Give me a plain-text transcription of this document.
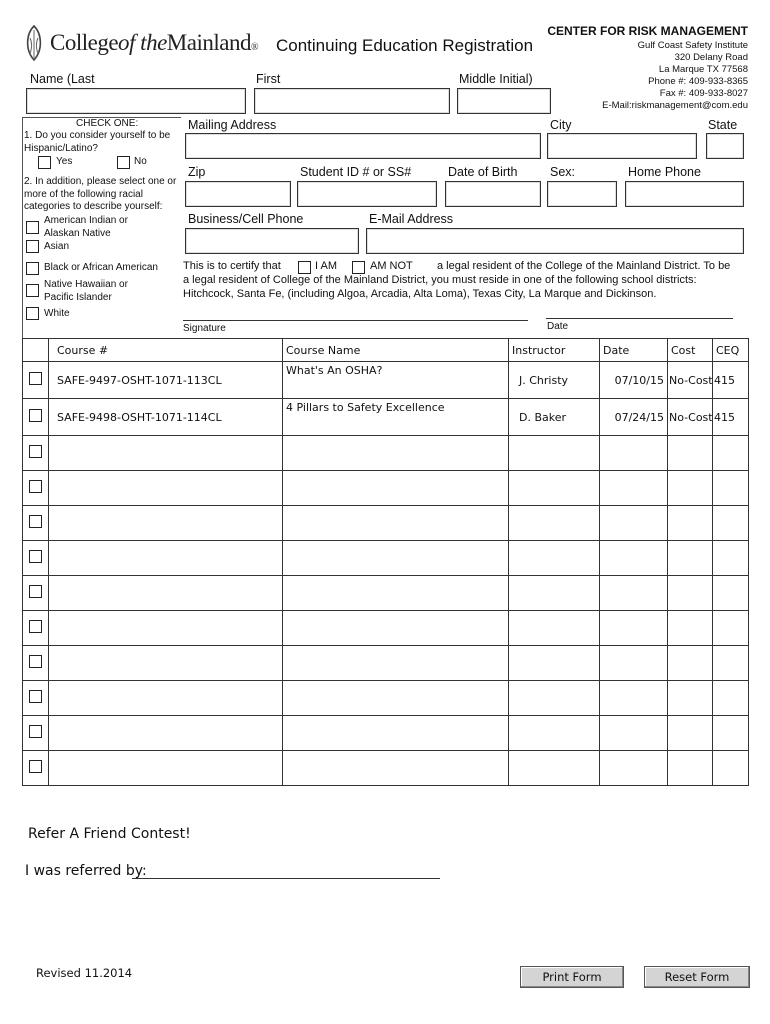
Collegeof theMainland® Continuing Education Registration
CENTER FOR RISK MANAGEMENT
Gulf Coast Safety Institute
320 Delany Road
La Marque TX 77568
Phone #: 409-933-8365
Fax #: 409-933-8027
E-Mail:riskmanagement@com.edu
Name (Last	First	Middle Initial)
CHECK ONE:
1. Do you consider yourself to be Hispanic/Latino?
Yes	No
2. In addition, please select one or more of the following racial categories to describe yourself:
American Indian or Alaskan Native
Asian
Black or African American
Native Hawaiian or Pacific Islander
White
Mailing Address	City	State
Zip	Student ID # or SS#	Date of Birth	Sex:	Home Phone
Business/Cell Phone	E-Mail Address
This is to certify that	I AM	AM NOT a legal resident of the College of the Mainland District. To be
a legal resident of College of the Mainland District, you must reside in one of the following school districts:
Hitchcock, Santa Fe, (including Algoa, Arcadia, Alta Loma), Texas City, La Marque and Dickinson.
Signature	Date
	Course #	Course Name	Instructor	Date	Cost	CEQ
	SAFE-9497-OSHT-1071-113CL	What's An OSHA?	J. Christy	07/10/15	No-Cost	415
	SAFE-9498-OSHT-1071-114CL	4 Pillars to Safety Excellence	D. Baker	07/24/15	No-Cost	415

Refer A Friend Contest!
I was referred by:
Revised 11.2014	Print Form	Reset Form
